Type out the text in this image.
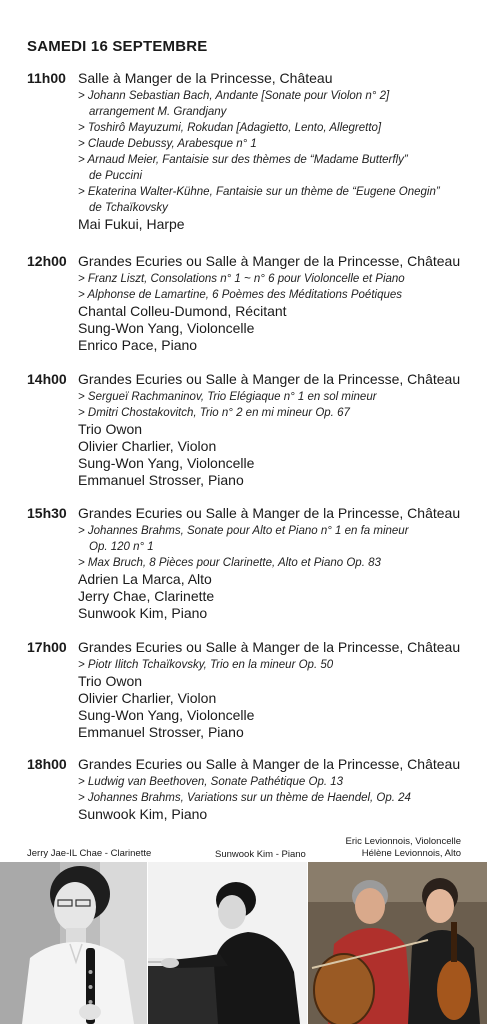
SAMEDI 16 SEPTEMBRE
11h00 Salle à Manger de la Princesse, Château
> Johann Sebastian Bach, Andante [Sonate pour Violon n° 2]
arrangement M. Grandjany
> Toshirô Mayuzumi, Rokudan [Adagietto, Lento, Allegretto]
> Claude Debussy, Arabesque n° 1
> Arnaud Meier, Fantaisie sur des thèmes de “Madame Butterfly”
de Puccini
> Ekaterina Walter-Kühne, Fantaisie sur un thème de “Eugene Onegin”
de Tchaïkovsky
Mai Fukui, Harpe
12h00 Grandes Ecuries ou Salle à Manger de la Princesse, Château
> Franz Liszt, Consolations n° 1 ~ n° 6 pour Violoncelle et Piano
> Alphonse de Lamartine, 6 Poèmes des Méditations Poétiques
Chantal Colleu-Dumond, Récitant
Sung-Won Yang, Violoncelle
Enrico Pace, Piano
14h00 Grandes Ecuries ou Salle à Manger de la Princesse, Château
> Sergueï Rachmaninov, Trio Elégiaque n° 1 en sol mineur
> Dmitri Chostakovitch, Trio n° 2 en mi mineur Op. 67
Trio Owon
Olivier Charlier, Violon
Sung-Won Yang, Violoncelle
Emmanuel Strosser, Piano
15h30 Grandes Ecuries ou Salle à Manger de la Princesse, Château
> Johannes Brahms, Sonate pour Alto et Piano n° 1 en fa mineur
Op. 120 n° 1
> Max Bruch, 8 Pièces pour Clarinette, Alto et Piano Op. 83
Adrien La Marca, Alto
Jerry Chae, Clarinette
Sunwook Kim, Piano
17h00 Grandes Ecuries ou Salle à Manger de la Princesse, Château
> Piotr Ilitch Tchaïkovsky, Trio en la mineur Op. 50
Trio Owon
Olivier Charlier, Violon
Sung-Won Yang, Violoncelle
Emmanuel Strosser, Piano
18h00 Grandes Ecuries ou Salle à Manger de la Princesse, Château
> Ludwig van Beethoven, Sonate Pathétique Op. 13
> Johannes Brahms, Variations sur un thème de Haendel, Op. 24
Sunwook Kim, Piano
Jerry Jae-IL Chae - Clarinette	Sunwook Kim - Piano
Eric Levionnois, Violoncelle
Hélène Levionnois, Alto
